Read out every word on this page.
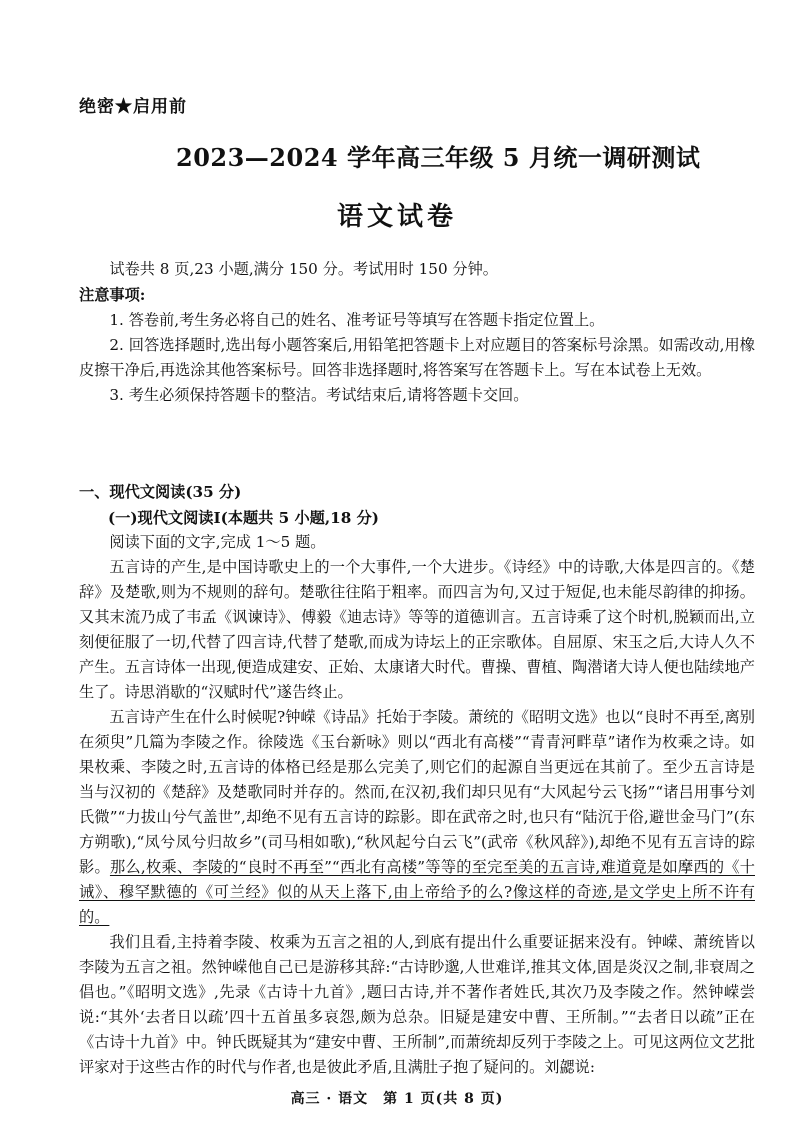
绝密★启用前
2023—2024 学年高三年级 5 月统一调研测试
语文试卷

试卷共 8 页,23 小题,满分 150 分。考试用时 150 分钟。

注意事项:

1. 答卷前,考生务必将自己的姓名、准考证号等填写在答题卡指定位置上。

2. 回答选择题时,选出每小题答案后,用铅笔把答题卡上对应题目的答案标号涂黑。如需改动,用橡皮擦干净后,再选涂其他答案标号。回答非选择题时,将答案写在答题卡上。写在本试卷上无效。

3. 考生必须保持答题卡的整洁。考试结束后,请将答题卡交回。

一、现代文阅读(35 分)

(一)现代文阅读Ⅰ(本题共 5 小题,18 分)

阅读下面的文字,完成 1～5 题。

五言诗的产生,是中国诗歌史上的一个大事件,一个大进步。《诗经》中的诗歌,大体是四言的。《楚辞》及楚歌,则为不规则的辞句。楚歌往往陷于粗率。而四言为句,又过于短促,也未能尽韵律的抑扬。又其末流乃成了韦孟《讽谏诗》、傅毅《迪志诗》等等的道德训言。五言诗乘了这个时机,脱颖而出,立刻便征服了一切,代替了四言诗,代替了楚歌,而成为诗坛上的正宗歌体。自屈原、宋玉之后,大诗人久不产生。五言诗体一出现,便造成建安、正始、太康诸大时代。曹操、曹植、陶潜诸大诗人便也陆续地产生了。诗思消歇的“汉赋时代”遂告终止。

五言诗产生在什么时候呢?钟嵘《诗品》托始于李陵。萧统的《昭明文选》也以“良时不再至,离别在须臾”几篇为李陵之作。徐陵选《玉台新咏》则以“西北有高楼”“青青河畔草”诸作为枚乘之诗。如果枚乘、李陵之时,五言诗的体格已经是那么完美了,则它们的起源自当更远在其前了。至少五言诗是当与汉初的《楚辞》及楚歌同时并存的。然而,在汉初,我们却只见有“大风起兮云飞扬”“诸吕用事兮刘氏微”“力拔山兮气盖世”,却绝不见有五言诗的踪影。即在武帝之时,也只有“陆沉于俗,避世金马门”(东方朔歌),“凤兮凤兮归故乡”(司马相如歌),“秋风起兮白云飞”(武帝《秋风辞》),却绝不见有五言诗的踪影。那么,枚乘、李陵的“良时不再至”“西北有高楼”等等的至完至美的五言诗,难道竟是如摩西的《十诫》、穆罕默德的《可兰经》似的从天上落下,由上帝给予的么?像这样的奇迹,是文学史上所不许有的。

我们且看,主持着李陵、枚乘为五言之祖的人,到底有提出什么重要证据来没有。钟嵘、萧统皆以李陵为五言之祖。然钟嵘他自己已是游移其辞:“古诗眇邈,人世难详,推其文体,固是炎汉之制,非衰周之倡也。”《昭明文选》,先录《古诗十九首》,题曰古诗,并不著作者姓氏,其次乃及李陵之作。然钟嵘尝说:“其外‘去者日以疏’四十五首虽多哀怨,颇为总杂。旧疑是建安中曹、王所制。”“去者日以疏”正在《古诗十九首》中。钟氏既疑其为“建安中曹、王所制”,而萧统却反列于李陵之上。可见这两位文艺批评家对于这些古作的时代与作者,也是彼此矛盾,且满肚子抱了疑问的。刘勰说:

高三 · 语文　第 1 页(共 8 页)
